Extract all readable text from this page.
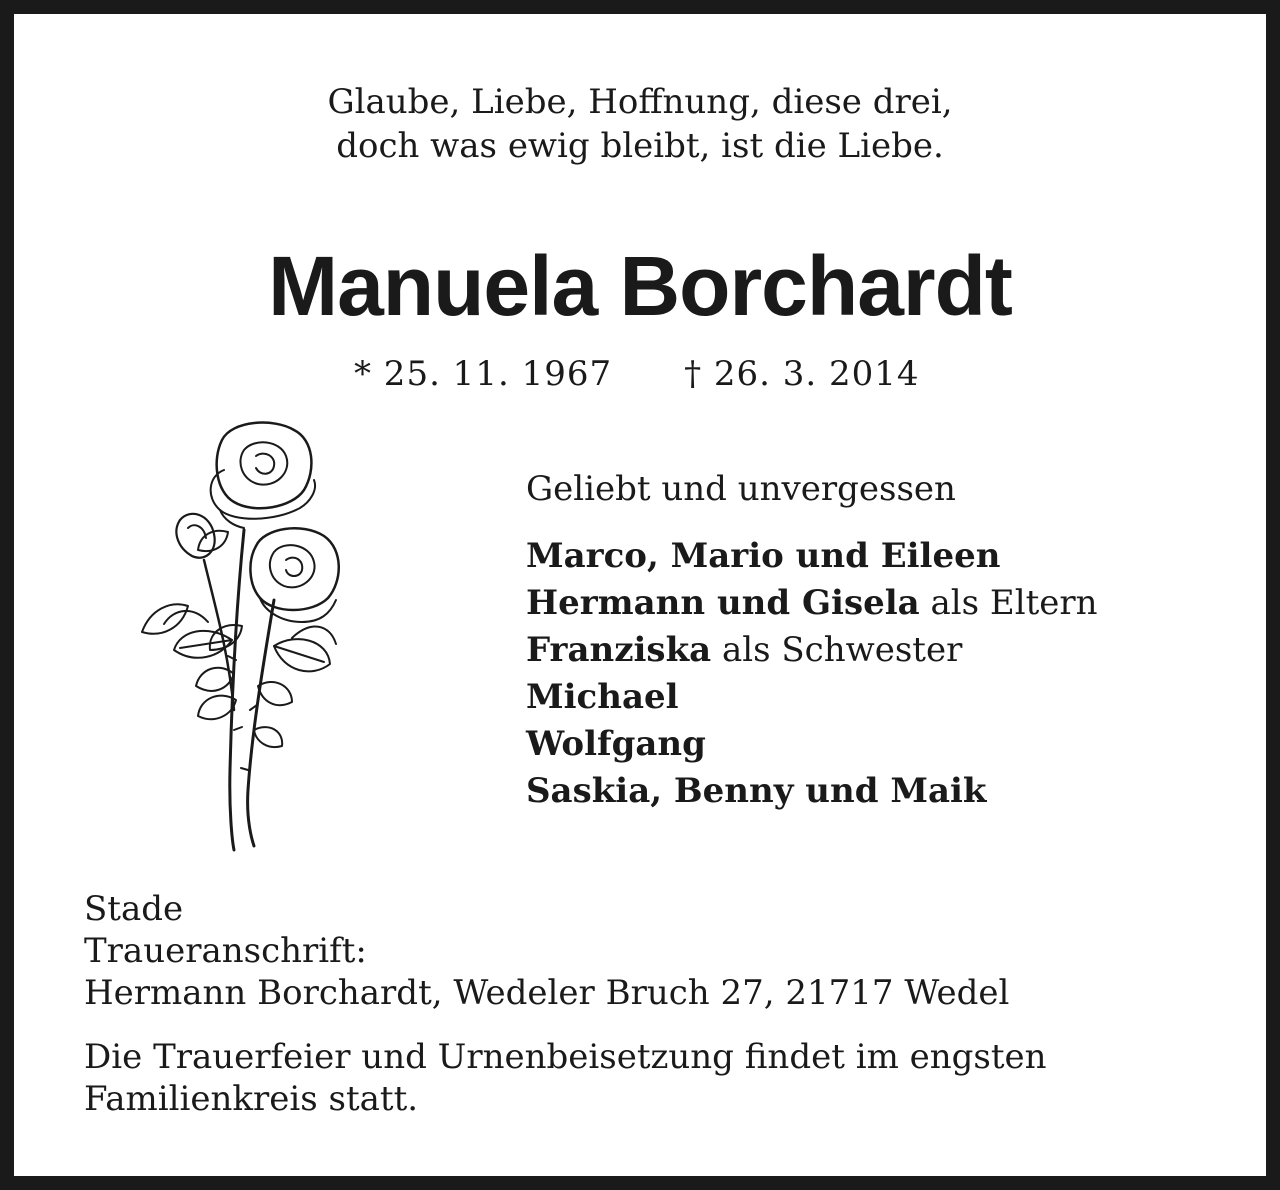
Glaube, Liebe, Hoffnung, diese drei,
doch was ewig bleibt, ist die Liebe.
Manuela Borchardt
* 25. 11. 1967 † 26. 3. 2014
Geliebt und unvergessen
Marco, Mario und Eileen
Hermann und Gisela als Eltern
Franziska als Schwester
Michael
Wolfgang
Saskia, Benny und Maik
Stade
Traueranschrift:
Hermann Borchardt, Wedeler Bruch 27, 21717 Wedel
Die Trauerfeier und Urnenbeisetzung findet im engsten
Familienkreis statt.
